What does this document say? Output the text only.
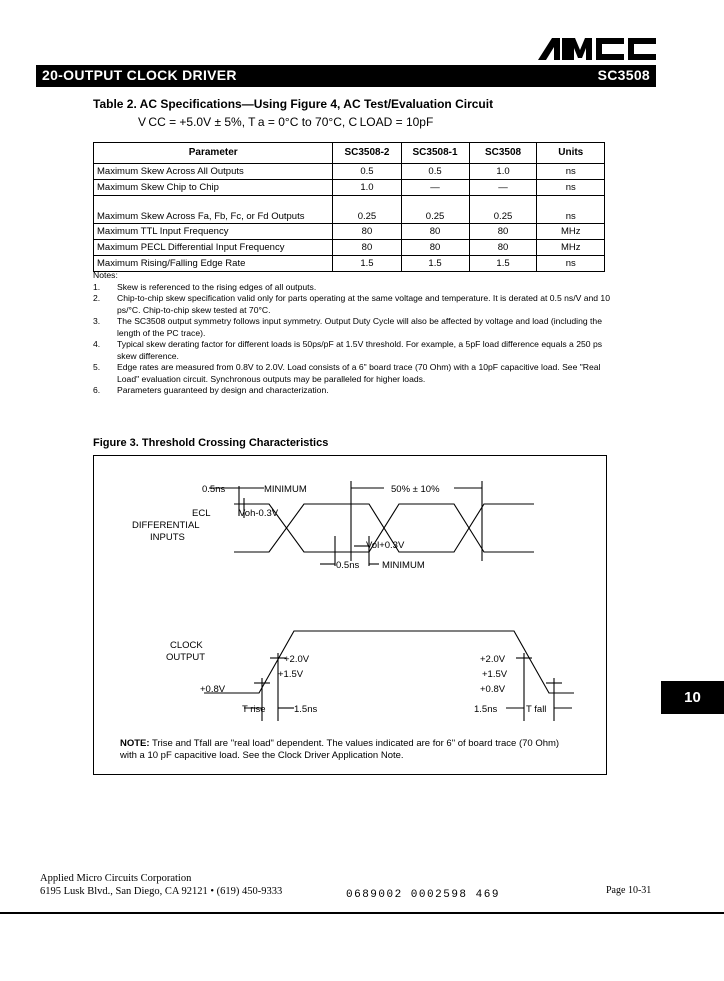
AMCC
20-OUTPUT CLOCK DRIVER	SC3508
Table 2. AC Specifications—Using Figure 4, AC Test/Evaluation Circuit
V CC = +5.0V ± 5%, T a = 0°C to 70°C, C LOAD = 10pF
Parameter	SC3508-2	SC3508-1	SC3508	Units
Maximum Skew Across All Outputs	0.5	0.5	1.0	ns
Maximum Skew Chip to Chip	1.0	—	—	ns
Maximum Skew Across Fa, Fb, Fc, or Fd Outputs	0.25	0.25	0.25	ns
Maximum TTL Input Frequency	80	80	80	MHz
Maximum PECL Differential Input Frequency	80	80	80	MHz
Maximum Rising/Falling Edge Rate	1.5	1.5	1.5	ns
Notes:
1.	Skew is referenced to the rising edges of all outputs.
2.	Chip-to-chip skew specification valid only for parts operating at the same voltage and temperature. It is derated at 0.5 ns/V and 10 ps/°C. Chip-to-chip skew tested at 70°C.
3.	The SC3508 output symmetry follows input symmetry. Output Duty Cycle will also be affected by voltage and load (including the length of the PC trace).
4.	Typical skew derating factor for different loads is 50ps/pF at 1.5V threshold. For example, a 5pF load difference equals a 250 ps skew difference.
5.	Edge rates are measured from 0.8V to 2.0V. Load consists of a 6" board trace (70 Ohm) with a 10pF capacitive load. See "Real Load" evaluation circuit. Synchronous outputs may be paralleled for higher loads.
6.	Parameters guaranteed by design and characterization.
Figure 3. Threshold Crossing Characteristics
0.5ns	MINIMUM
Voh-0.3V
50% ± 10%
ECL
DIFFERENTIAL
INPUTS
Vol+0.3V
0.5ns MINIMUM
CLOCK
OUTPUT	+2.0V
+1.5V
+0.8V
+2.0V
+1.5V
+0.8V
T rise	1.5ns	1.5ns	T fall
NOTE: Trise and Tfall are "real load" dependent. The values indicated are for 6" of board trace (70 Ohm) with a 10 pF capacitive load. See the Clock Driver Application Note.
10
Applied Micro Circuits Corporation
6195 Lusk Blvd., San Diego, CA 92121 • (619) 450-9333	0689002 0002598 469	Page 10-31
